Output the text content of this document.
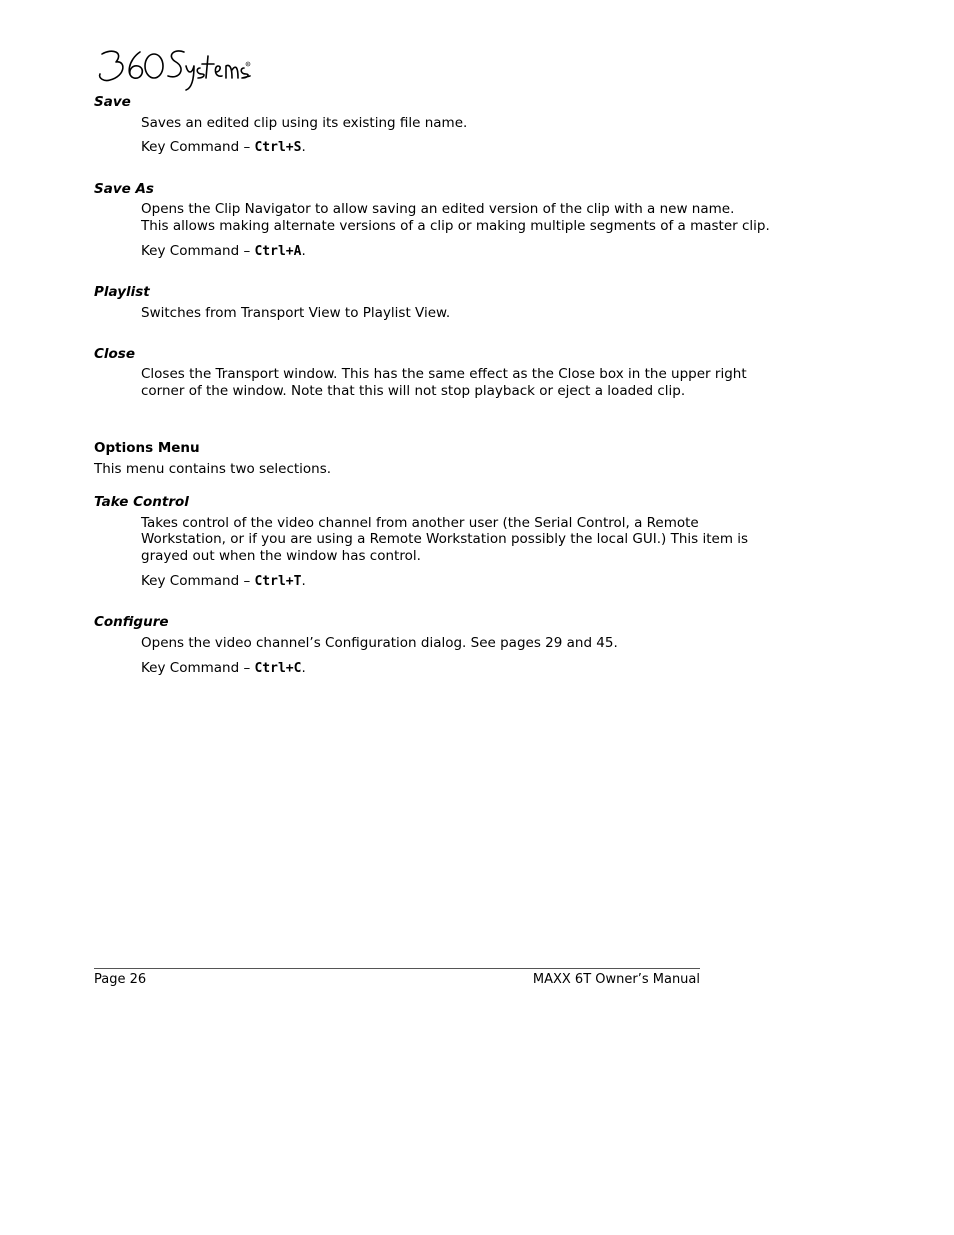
R
Save
Saves an edited clip using its existing file name.
Key Command – Ctrl+S.
Save As
Opens the Clip Navigator to allow saving an edited version of the clip with a new name.
This allows making alternate versions of a clip or making multiple segments of a master clip.
Key Command – Ctrl+A.
Playlist
Switches from Transport View to Playlist View.
Close
Closes the Transport window. This has the same effect as the Close box in the upper right
corner of the window. Note that this will not stop playback or eject a loaded clip.
Options Menu
This menu contains two selections.
Take Control
Takes control of the video channel from another user (the Serial Control, a Remote
Workstation, or if you are using a Remote Workstation possibly the local GUI.) This item is
grayed out when the window has control.
Key Command – Ctrl+T.
Configure
Opens the video channel’s Configuration dialog. See pages 29 and 45.
Key Command – Ctrl+C.
Page 26	MAXX 6T Owner’s Manual
